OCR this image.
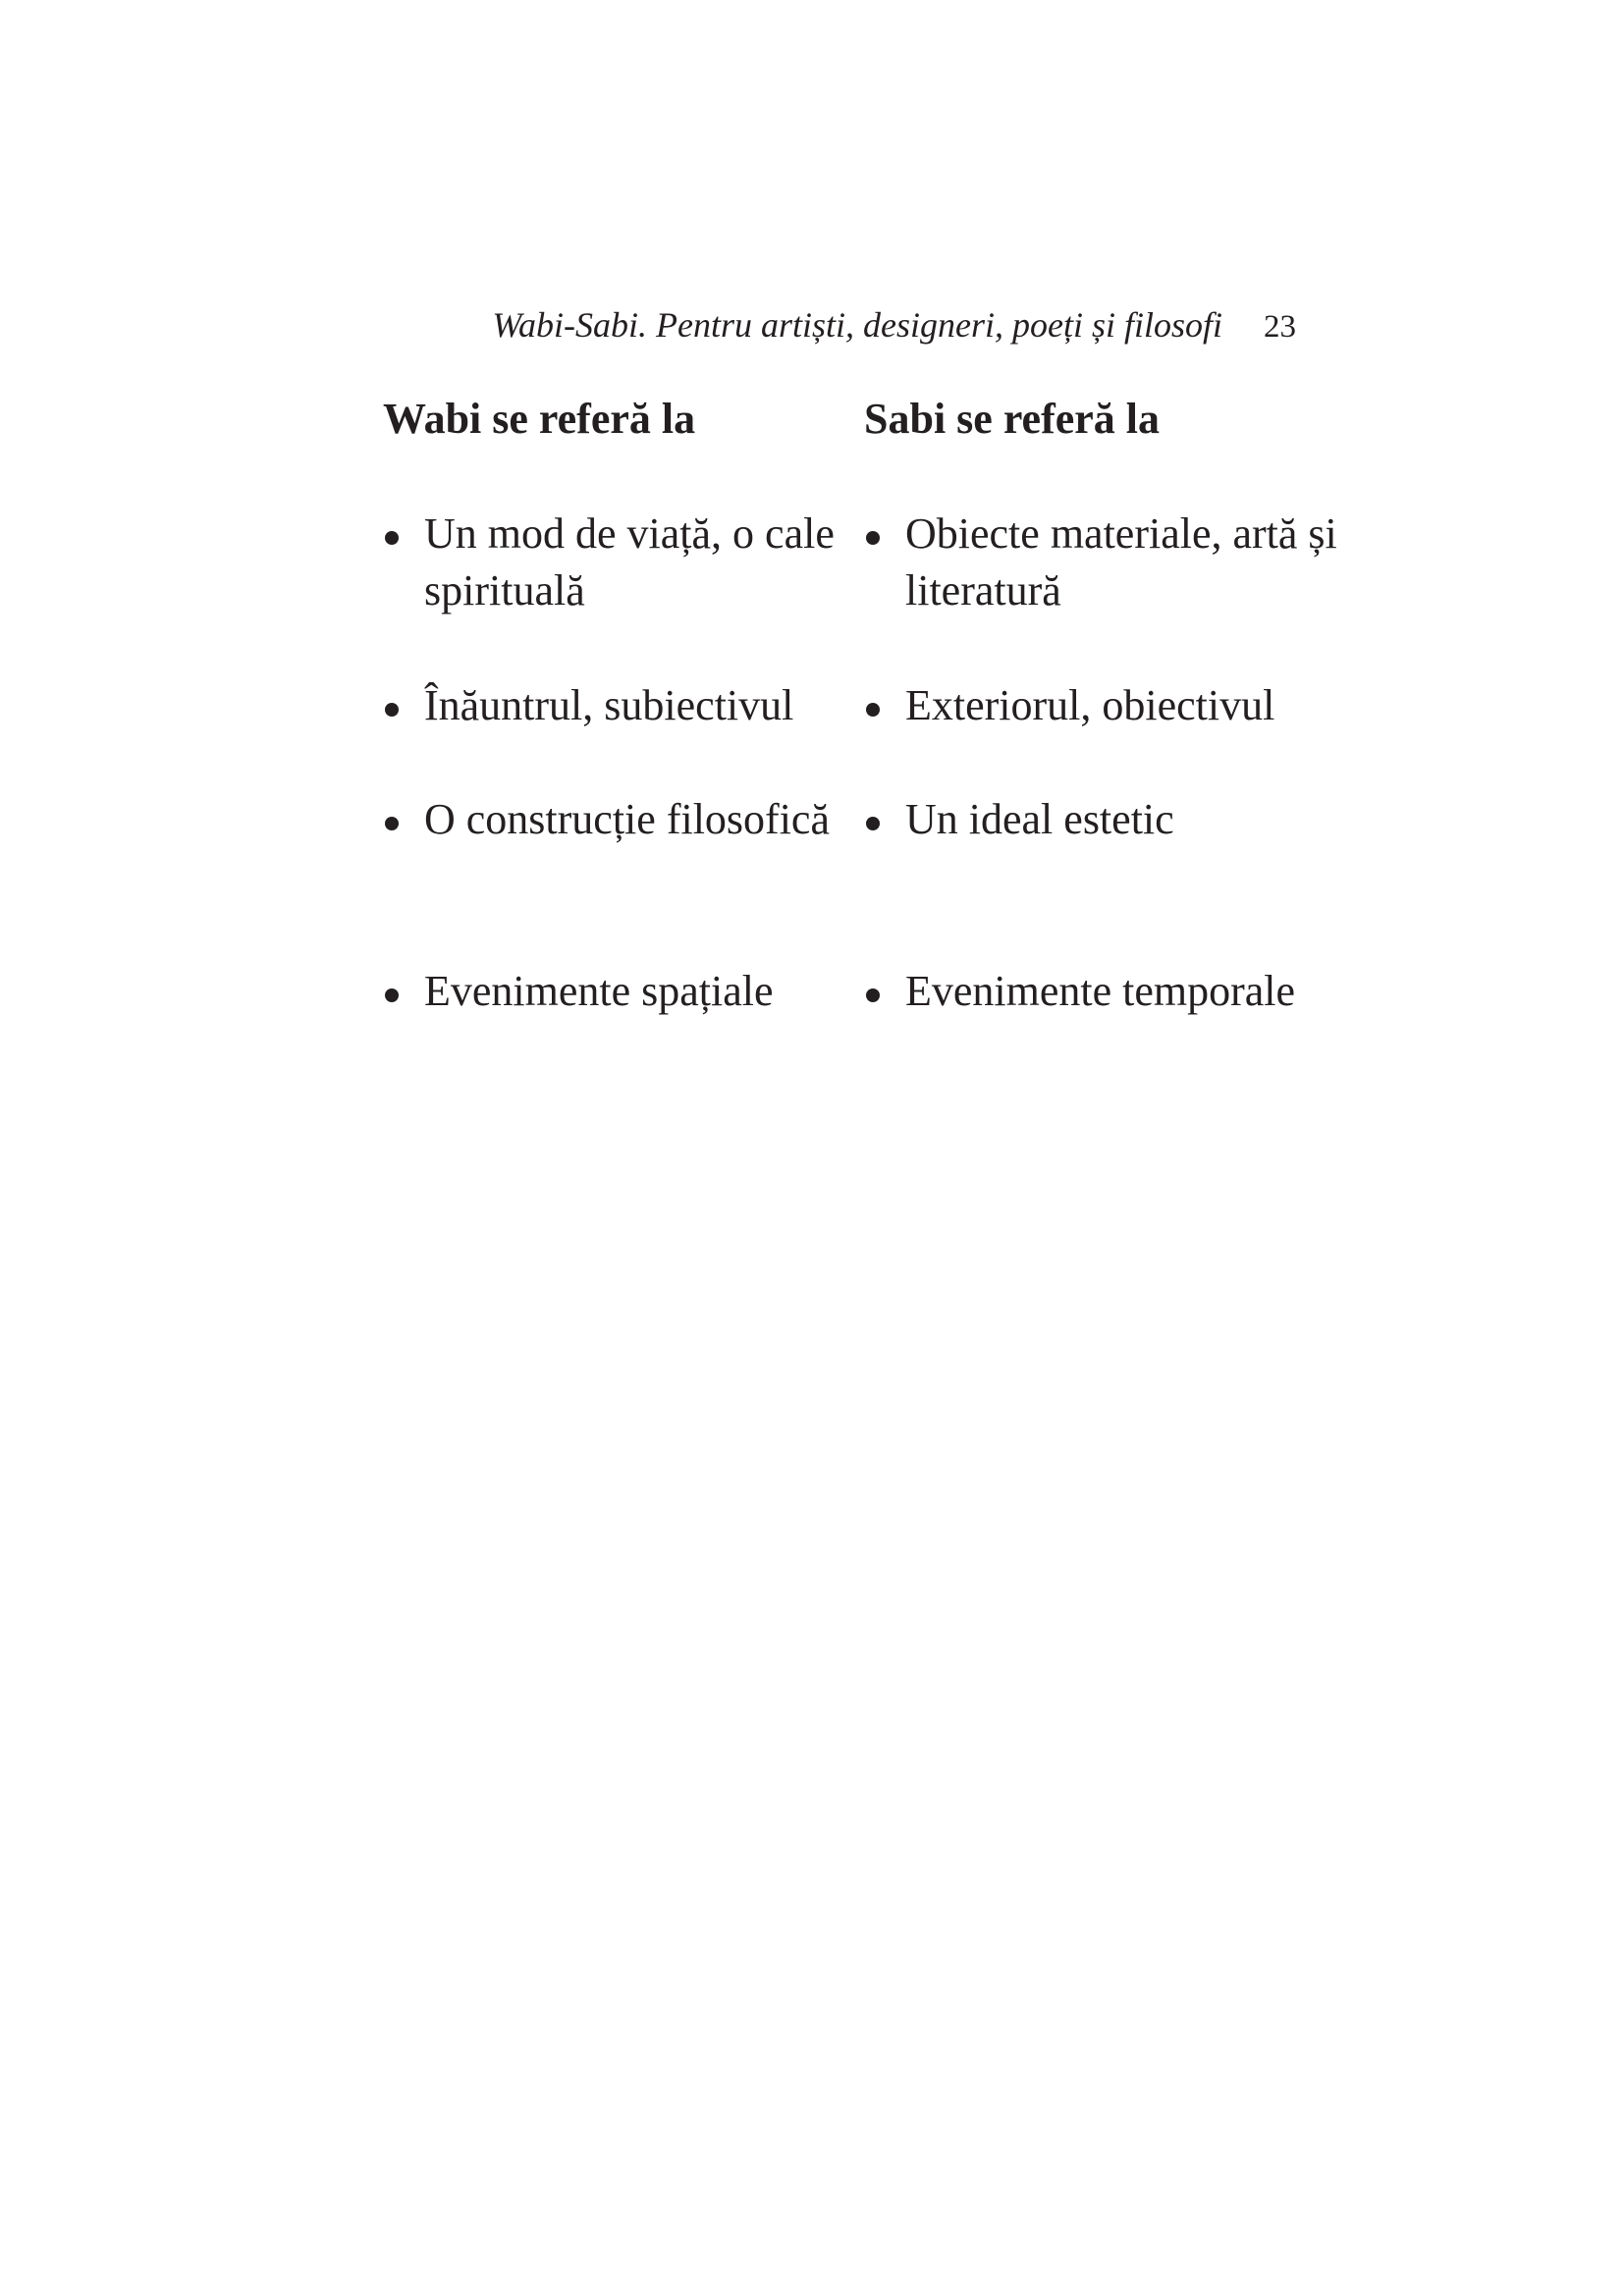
Wabi-Sabi. Pentru artiști, designeri, poeți și filosofi 23
Wabi se referă la
Un mod de viață, o cale spirituală
Înăuntrul, subiectivul
O construcție filosofică
Evenimente spațiale
Sabi se referă la
Obiecte materiale, artă și literatură
Exteriorul, obiectivul
Un ideal estetic
Evenimente temporale
